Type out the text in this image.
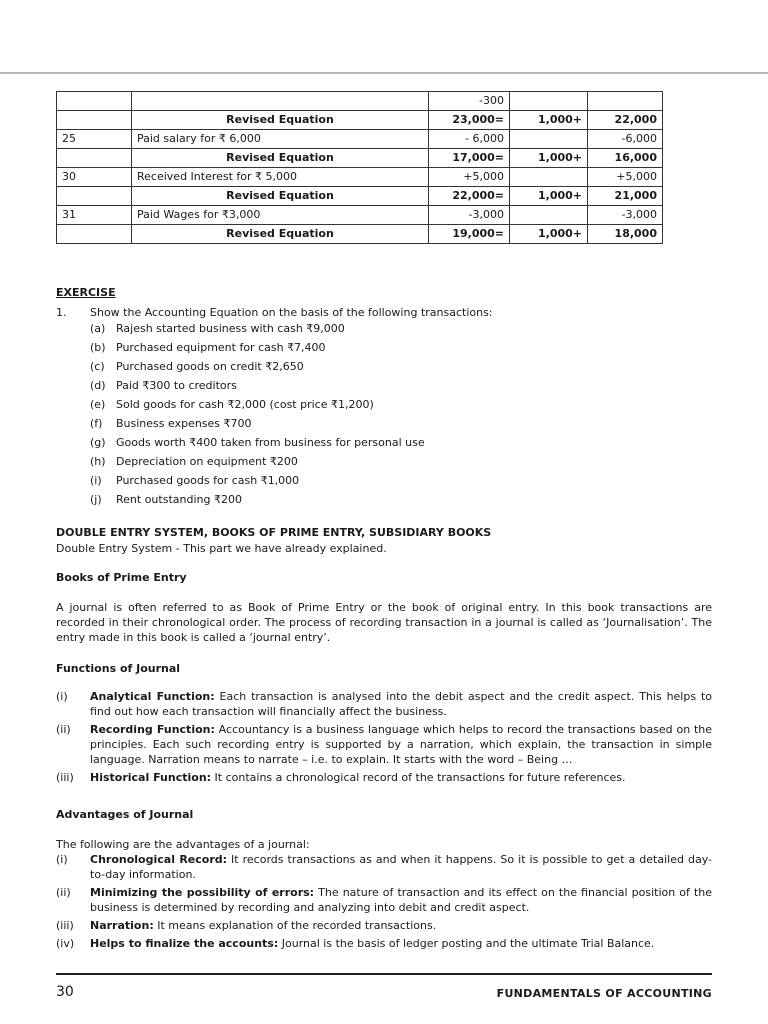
		-300		
	Revised Equation	23,000=	1,000+	22,000
25	Paid salary for ₹ 6,000	- 6,000		-6,000
	Revised Equation	17,000=	1,000+	16,000
30	Received Interest for ₹ 5,000	+5,000		+5,000
	Revised Equation	22,000=	1,000+	21,000
31	Paid Wages for ₹3,000	-3,000		-3,000
	Revised Equation	19,000=	1,000+	18,000
EXERCISE
1. Show the Accounting Equation on the basis of the following transactions:
(a) Rajesh started business with cash ₹9,000
(b) Purchased equipment for cash ₹7,400
(c) Purchased goods on credit ₹2,650
(d) Paid ₹300 to creditors
(e) Sold goods for cash ₹2,000 (cost price ₹1,200)
(f) Business expenses ₹700
(g) Goods worth ₹400 taken from business for personal use
(h) Depreciation on equipment ₹200
(i) Purchased goods for cash ₹1,000
(j) Rent outstanding ₹200
DOUBLE ENTRY SYSTEM, BOOKS OF PRIME ENTRY, SUBSIDIARY BOOKS
Double Entry System - This part we have already explained.
Books of Prime Entry

A journal is often referred to as Book of Prime Entry or the book of original entry. In this book transactions are recorded in their chronological order. The process of recording transaction in a journal is called as ‘Journalisation’. The entry made in this book is called a ‘journal entry’.

Functions of Journal
(i)	Analytical Function: Each transaction is analysed into the debit aspect and the credit aspect. This helps to find out how each transaction will financially affect the business.
(ii)	Recording Function: Accountancy is a business language which helps to record the transactions based on the principles. Each such recording entry is supported by a narration, which explain, the transaction in simple language. Narration means to narrate – i.e. to explain. It starts with the word – Being …
(iii)	Historical Function: It contains a chronological record of the transactions for future references.
Advantages of Journal
The following are the advantages of a journal:
(i)	Chronological Record: It records transactions as and when it happens. So it is possible to get a detailed day-to-day information.
(ii)	Minimizing the possibility of errors: The nature of transaction and its effect on the financial position of the business is determined by recording and analyzing into debit and credit aspect.
(iii)	Narration: It means explanation of the recorded transactions.
(iv)	Helps to finalize the accounts: Journal is the basis of ledger posting and the ultimate Trial Balance.
30	FUNDAMENTALS OF ACCOUNTING
